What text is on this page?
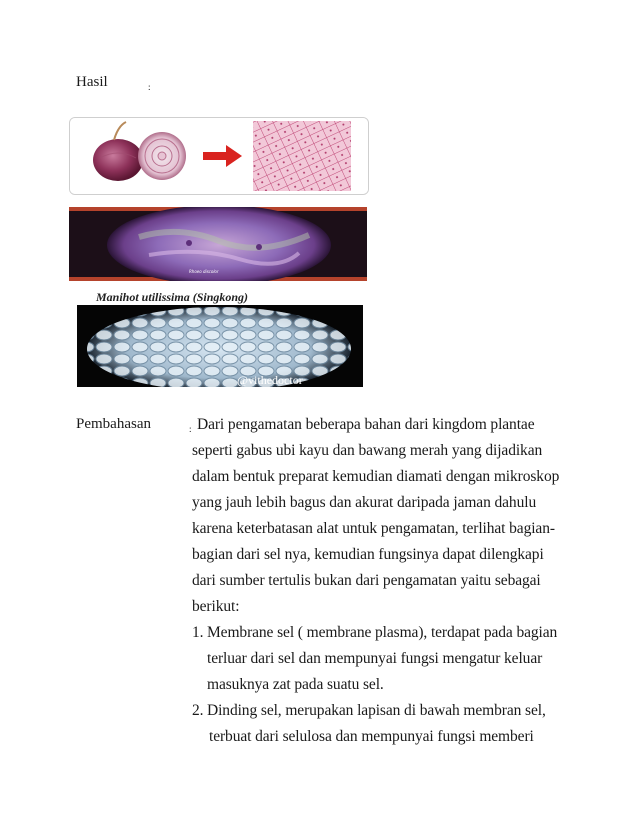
Hasil	:
Rhoeo discolor
Manihot utilissima (Singkong)
@vithedoctor
Pembahasan	: Dari pengamatan beberapa bahan dari kingdom plantae
seperti gabus ubi kayu dan bawang merah yang dijadikan
dalam bentuk preparat kemudian diamati dengan mikroskop
yang jauh lebih bagus dan akurat daripada jaman dahulu
karena keterbatasan alat untuk pengamatan, terlihat bagian-
bagian dari sel nya, kemudian fungsinya dapat dilengkapi
dari sumber tertulis bukan dari pengamatan yaitu sebagai
berikut:
1. Membrane sel ( membrane plasma), terdapat pada bagian
terluar dari sel dan mempunyai fungsi mengatur keluar
masuknya zat pada suatu sel.
2. Dinding sel, merupakan lapisan di bawah membran sel,
terbuat dari selulosa dan mempunyai fungsi memberi
